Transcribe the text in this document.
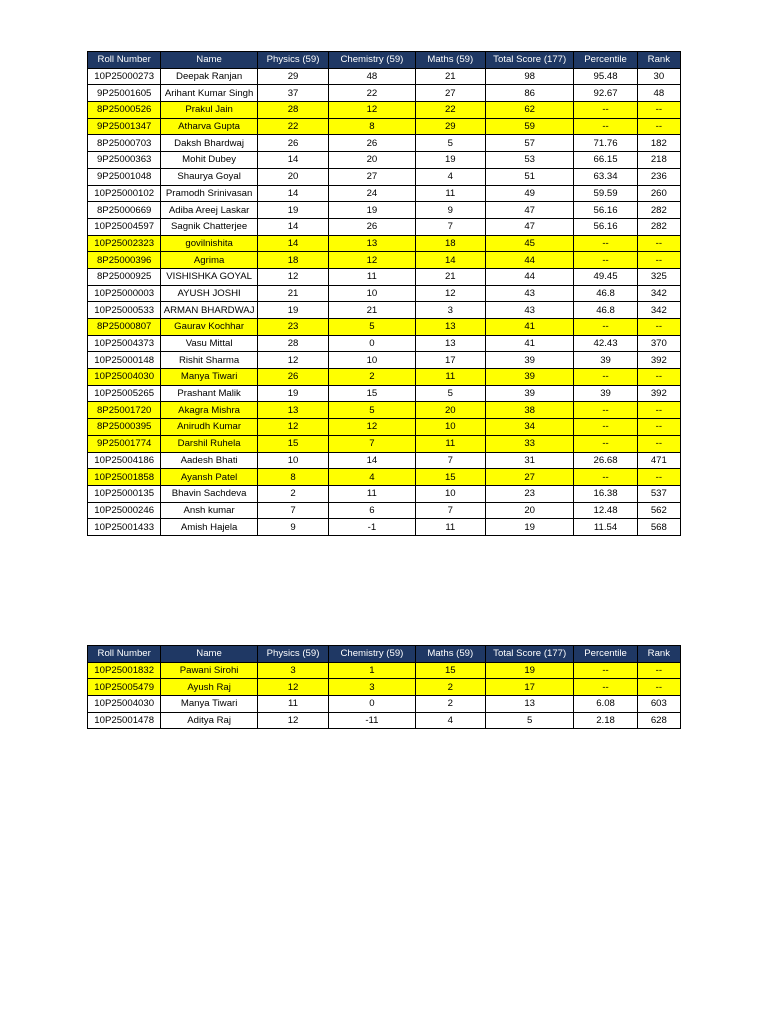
Roll Number	Name	Physics (59)	Chemistry (59)	Maths (59)	Total Score (177)	Percentile	Rank
10P25000273	Deepak Ranjan	29	48	21	98	95.48	30
9P25001605	Arihant Kumar Singh	37	22	27	86	92.67	48
8P25000526	Prakul Jain	28	12	22	62	--	--
9P25001347	Atharva Gupta	22	8	29	59	--	--
8P25000703	Daksh Bhardwaj	26	26	5	57	71.76	182
9P25000363	Mohit Dubey	14	20	19	53	66.15	218
9P25001048	Shaurya Goyal	20	27	4	51	63.34	236
10P25000102	Pramodh Srinivasan	14	24	11	49	59.59	260
8P25000669	Adiba Areej Laskar	19	19	9	47	56.16	282
10P25004597	Sagnik Chatterjee	14	26	7	47	56.16	282
10P25002323	govilnishita	14	13	18	45	--	--
8P25000396	Agrima	18	12	14	44	--	--
8P25000925	VISHISHKA GOYAL	12	11	21	44	49.45	325
10P25000003	AYUSH JOSHI	21	10	12	43	46.8	342
10P25000533	ARMAN BHARDWAJ	19	21	3	43	46.8	342
8P25000807	Gaurav Kochhar	23	5	13	41	--	--
10P25004373	Vasu Mittal	28	0	13	41	42.43	370
10P25000148	Rishit Sharma	12	10	17	39	39	392
10P25004030	Manya Tiwari	26	2	11	39	--	--
10P25005265	Prashant Malik	19	15	5	39	39	392
8P25001720	Akagra Mishra	13	5	20	38	--	--
8P25000395	Anirudh Kumar	12	12	10	34	--	--
9P25001774	Darshil Ruhela	15	7	11	33	--	--
10P25004186	Aadesh Bhati	10	14	7	31	26.68	471
10P25001858	Ayansh Patel	8	4	15	27	--	--
10P25000135	Bhavin Sachdeva	2	11	10	23	16.38	537
10P25000246	Ansh kumar	7	6	7	20	12.48	562
10P25001433	Amish Hajela	9	-1	11	19	11.54	568
Roll Number	Name	Physics (59)	Chemistry (59)	Maths (59)	Total Score (177)	Percentile	Rank
10P25001832	Pawani Sirohi	3	1	15	19	--	--
10P25005479	Ayush Raj	12	3	2	17	--	--
10P25004030	Manya Tiwari	11	0	2	13	6.08	603
10P25001478	Aditya Raj	12	-11	4	5	2.18	628
